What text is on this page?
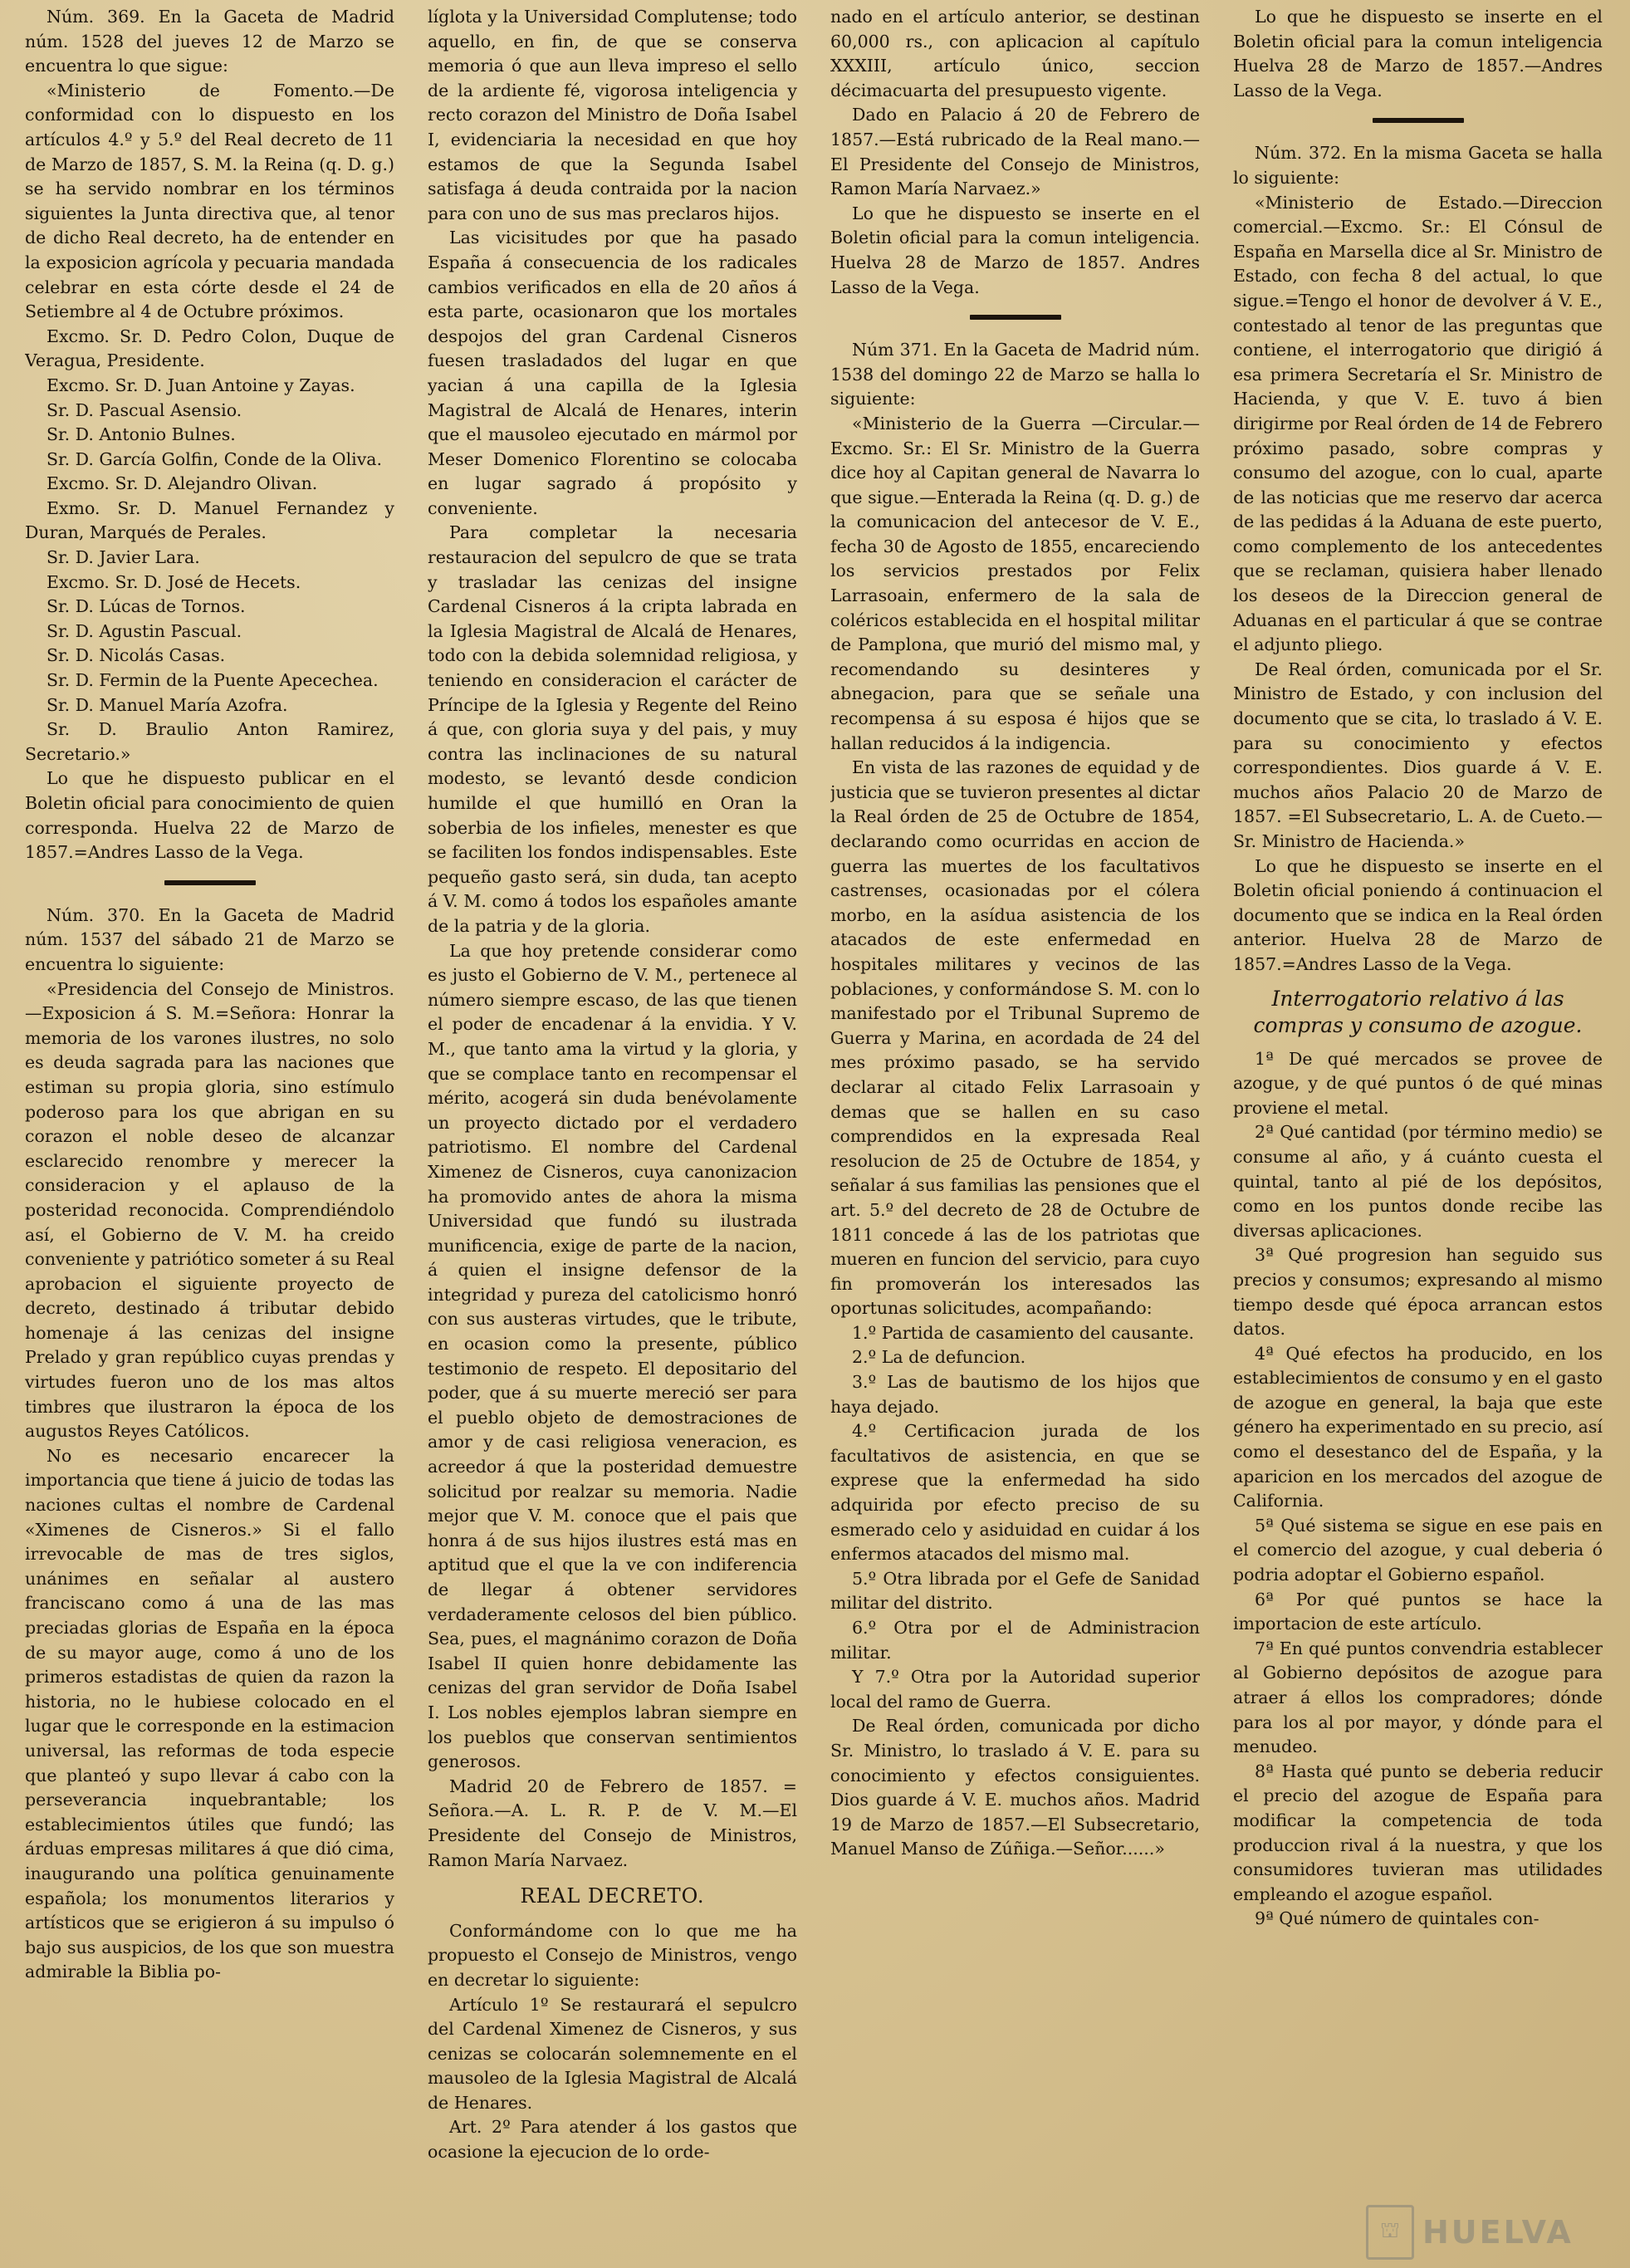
Núm. 369. En la Gaceta de Madrid núm. 1528 del jueves 12 de Marzo se encuentra lo que sigue:

«Ministerio de Fomento.—De conformidad con lo dispuesto en los artículos 4.º y 5.º del Real decreto de 11 de Marzo de 1857, S. M. la Reina (q. D. g.) se ha servido nombrar en los términos siguientes la Junta directiva que, al tenor de dicho Real decreto, ha de entender en la exposicion agrícola y pecuaria mandada celebrar en esta córte desde el 24 de Setiembre al 4 de Octubre próximos.

Excmo. Sr. D. Pedro Colon, Duque de Veragua, Presidente.

Excmo. Sr. D. Juan Antoine y Zayas.

Sr. D. Pascual Asensio.

Sr. D. Antonio Bulnes.

Sr. D. García Golfin, Conde de la Oliva.

Excmo. Sr. D. Alejandro Olivan.

Exmo. Sr. D. Manuel Fernandez y Duran, Marqués de Perales.

Sr. D. Javier Lara.

Excmo. Sr. D. José de Hecets.

Sr. D. Lúcas de Tornos.

Sr. D. Agustin Pascual.

Sr. D. Nicolás Casas.

Sr. D. Fermin de la Puente Apecechea.

Sr. D. Manuel María Azofra.

Sr. D. Braulio Anton Ramirez, Secretario.»

Lo que he dispuesto publicar en el Boletin oficial para conocimiento de quien corresponda. Huelva 22 de Marzo de 1857.=Andres Lasso de la Vega.

Núm. 370. En la Gaceta de Madrid núm. 1537 del sábado 21 de Marzo se encuentra lo siguiente:

«Presidencia del Consejo de Ministros.—Exposicion á S. M.=Señora: Honrar la memoria de los varones ilustres, no solo es deuda sagrada para las naciones que estiman su propia gloria, sino estímulo poderoso para los que abrigan en su corazon el noble deseo de alcanzar esclarecido renombre y merecer la consideracion y el aplauso de la posteridad reconocida. Comprendiéndolo así, el Gobierno de V. M. ha creido conveniente y patriótico someter á su Real aprobacion el siguiente proyecto de decreto, destinado á tributar debido homenaje á las cenizas del insigne Prelado y gran repúblico cuyas prendas y virtudes fueron uno de los mas altos timbres que ilustraron la época de los augustos Reyes Católicos.

No es necesario encarecer la importancia que tiene á juicio de todas las naciones cultas el nombre de Cardenal «Ximenes de Cisneros.» Si el fallo irrevocable de mas de tres siglos, unánimes en señalar al austero franciscano como á una de las mas preciadas glorias de España en la época de su mayor auge, como á uno de los primeros estadistas de quien da razon la historia, no le hubiese colocado en el lugar que le corresponde en la estimacion universal, las reformas de toda especie que planteó y supo llevar á cabo con la perseverancia inquebrantable; los establecimientos útiles que fundó; las árduas empresas militares á que dió cima, inaugurando una política genuinamente española; los monumentos literarios y artísticos que se erigieron á su impulso ó bajo sus auspicios, de los que son muestra admirable la Biblia po-

líglota y la Universidad Complutense; todo aquello, en fin, de que se conserva memoria ó que aun lleva impreso el sello de la ardiente fé, vigorosa inteligencia y recto corazon del Ministro de Doña Isabel I, evidenciaria la necesidad en que hoy estamos de que la Segunda Isabel satisfaga á deuda contraida por la nacion para con uno de sus mas preclaros hijos.

Las vicisitudes por que ha pasado España á consecuencia de los radicales cambios verificados en ella de 20 años á esta parte, ocasionaron que los mortales despojos del gran Cardenal Cisneros fuesen trasladados del lugar en que yacian á una capilla de la Iglesia Magistral de Alcalá de Henares, interin que el mausoleo ejecutado en mármol por Meser Domenico Florentino se colocaba en lugar sagrado á propósito y conveniente.

Para completar la necesaria restauracion del sepulcro de que se trata y trasladar las cenizas del insigne Cardenal Cisneros á la cripta labrada en la Iglesia Magistral de Alcalá de Henares, todo con la debida solemnidad religiosa, y teniendo en consideracion el carácter de Príncipe de la Iglesia y Regente del Reino á que, con gloria suya y del pais, y muy contra las inclinaciones de su natural modesto, se levantó desde condicion humilde el que humilló en Oran la soberbia de los infieles, menester es que se faciliten los fondos indispensables. Este pequeño gasto será, sin duda, tan acepto á V. M. como á todos los españoles amante de la patria y de la gloria.

La que hoy pretende considerar como es justo el Gobierno de V. M., pertenece al número siempre escaso, de las que tienen el poder de encadenar á la envidia. Y V. M., que tanto ama la virtud y la gloria, y que se complace tanto en recompensar el mérito, acogerá sin duda benévolamente un proyecto dictado por el verdadero patriotismo. El nombre del Cardenal Ximenez de Cisneros, cuya canonizacion ha promovido antes de ahora la misma Universidad que fundó su ilustrada munificencia, exige de parte de la nacion, á quien el insigne defensor de la integridad y pureza del catolicismo honró con sus austeras virtudes, que le tribute, en ocasion como la presente, público testimonio de respeto. El depositario del poder, que á su muerte mereció ser para el pueblo objeto de demostraciones de amor y de casi religiosa veneracion, es acreedor á que la posteridad demuestre solicitud por realzar su memoria. Nadie mejor que V. M. conoce que el pais que honra á de sus hijos ilustres está mas en aptitud que el que la ve con indiferencia de llegar á obtener servidores verdaderamente celosos del bien público. Sea, pues, el magnánimo corazon de Doña Isabel II quien honre debidamente las cenizas del gran servidor de Doña Isabel I. Los nobles ejemplos labran siempre en los pueblos que conservan sentimientos generosos.

Madrid 20 de Febrero de 1857. = Señora.—A. L. R. P. de V. M.—El Presidente del Consejo de Ministros, Ramon María Narvaez.

REAL DECRETO.

Conformándome con lo que me ha propuesto el Consejo de Ministros, vengo en decretar lo siguiente:

Artículo 1º Se restaurará el sepulcro del Cardenal Ximenez de Cisneros, y sus cenizas se colocarán solemnemente en el mausoleo de la Iglesia Magistral de Alcalá de Henares.

Art. 2º Para atender á los gastos que ocasione la ejecucion de lo orde-

nado en el artículo anterior, se destinan 60,000 rs., con aplicacion al capítulo XXXIII, artículo único, seccion décimacuarta del presupuesto vigente.

Dado en Palacio á 20 de Febrero de 1857.—Está rubricado de la Real mano.—El Presidente del Consejo de Ministros, Ramon María Narvaez.»

Lo que he dispuesto se inserte en el Boletin oficial para la comun inteligencia. Huelva 28 de Marzo de 1857. Andres Lasso de la Vega.

Núm 371. En la Gaceta de Madrid núm. 1538 del domingo 22 de Marzo se halla lo siguiente:

«Ministerio de la Guerra —Circular.—Excmo. Sr.: El Sr. Ministro de la Guerra dice hoy al Capitan general de Navarra lo que sigue.—Enterada la Reina (q. D. g.) de la comunicacion del antecesor de V. E., fecha 30 de Agosto de 1855, encareciendo los servicios prestados por Felix Larrasoain, enfermero de la sala de coléricos establecida en el hospital militar de Pamplona, que murió del mismo mal, y recomendando su desinteres y abnegacion, para que se señale una recompensa á su esposa é hijos que se hallan reducidos á la indigencia.

En vista de las razones de equidad y de justicia que se tuvieron presentes al dictar la Real órden de 25 de Octubre de 1854, declarando como ocurridas en accion de guerra las muertes de los facultativos castrenses, ocasionadas por el cólera morbo, en la asídua asistencia de los atacados de este enfermedad en hospitales militares y vecinos de las poblaciones, y conformándose S. M. con lo manifestado por el Tribunal Supremo de Guerra y Marina, en acordada de 24 del mes próximo pasado, se ha servido declarar al citado Felix Larrasoain y demas que se hallen en su caso comprendidos en la expresada Real resolucion de 25 de Octubre de 1854, y señalar á sus familias las pensiones que el art. 5.º del decreto de 28 de Octubre de 1811 concede á las de los patriotas que mueren en funcion del servicio, para cuyo fin promoverán los interesados las oportunas solicitudes, acompañando:

1.º Partida de casamiento del causante.

2.º La de defuncion.

3.º Las de bautismo de los hijos que haya dejado.

4.º Certificacion jurada de los facultativos de asistencia, en que se exprese que la enfermedad ha sido adquirida por efecto preciso de su esmerado celo y asiduidad en cuidar á los enfermos atacados del mismo mal.

5.º Otra librada por el Gefe de Sanidad militar del distrito.

6.º Otra por el de Administracion militar.

Y 7.º Otra por la Autoridad superior local del ramo de Guerra.

De Real órden, comunicada por dicho Sr. Ministro, lo traslado á V. E. para su conocimiento y efectos consiguientes. Dios guarde á V. E. muchos años. Madrid 19 de Marzo de 1857.—El Subsecretario, Manuel Manso de Zúñiga.—Señor......»

Lo que he dispuesto se inserte en el Boletin oficial para la comun inteligencia Huelva 28 de Marzo de 1857.—Andres Lasso de la Vega.

Núm. 372. En la misma Gaceta se halla lo siguiente:

«Ministerio de Estado.—Direccion comercial.—Excmo. Sr.: El Cónsul de España en Marsella dice al Sr. Ministro de Estado, con fecha 8 del actual, lo que sigue.=Tengo el honor de devolver á V. E., contestado al tenor de las preguntas que contiene, el interrogatorio que dirigió á esa primera Secretaría el Sr. Ministro de Hacienda, y que V. E. tuvo á bien dirigirme por Real órden de 14 de Febrero próximo pasado, sobre compras y consumo del azogue, con lo cual, aparte de las noticias que me reservo dar acerca de las pedidas á la Aduana de este puerto, como complemento de los antecedentes que se reclaman, quisiera haber llenado los deseos de la Direccion general de Aduanas en el particular á que se contrae el adjunto pliego.

De Real órden, comunicada por el Sr. Ministro de Estado, y con inclusion del documento que se cita, lo traslado á V. E. para su conocimiento y efectos correspondientes. Dios guarde á V. E. muchos años Palacio 20 de Marzo de 1857. =El Subsecretario, L. A. de Cueto.—Sr. Ministro de Hacienda.»

Lo que he dispuesto se inserte en el Boletin oficial poniendo á continuacion el documento que se indica en la Real órden anterior. Huelva 28 de Marzo de 1857.=Andres Lasso de la Vega.

Interrogatorio relativo á las compras y consumo de azogue.

1ª De qué mercados se provee de azogue, y de qué puntos ó de qué minas proviene el metal.

2ª Qué cantidad (por término medio) se consume al año, y á cuánto cuesta el quintal, tanto al pié de los depósitos, como en los puntos donde recibe las diversas aplicaciones.

3ª Qué progresion han seguido sus precios y consumos; expresando al mismo tiempo desde qué época arrancan estos datos.

4ª Qué efectos ha producido, en los establecimientos de consumo y en el gasto de azogue en general, la baja que este género ha experimentado en su precio, así como el desestanco del de España, y la aparicion en los mercados del azogue de California.

5ª Qué sistema se sigue en ese pais en el comercio del azogue, y cual deberia ó podria adoptar el Gobierno español.

6ª Por qué puntos se hace la importacion de este artículo.

7ª En qué puntos convendria establecer al Gobierno depósitos de azogue para atraer á ellos los compradores; dónde para los al por mayor, y dónde para el menudeo.

8ª Hasta qué punto se deberia reducir el precio del azogue de España para modificar la competencia de toda produccion rival á la nuestra, y que los consumidores tuvieran mas utilidades empleando el azogue español.

9ª Qué número de quintales con-

⛫ HUELVA
